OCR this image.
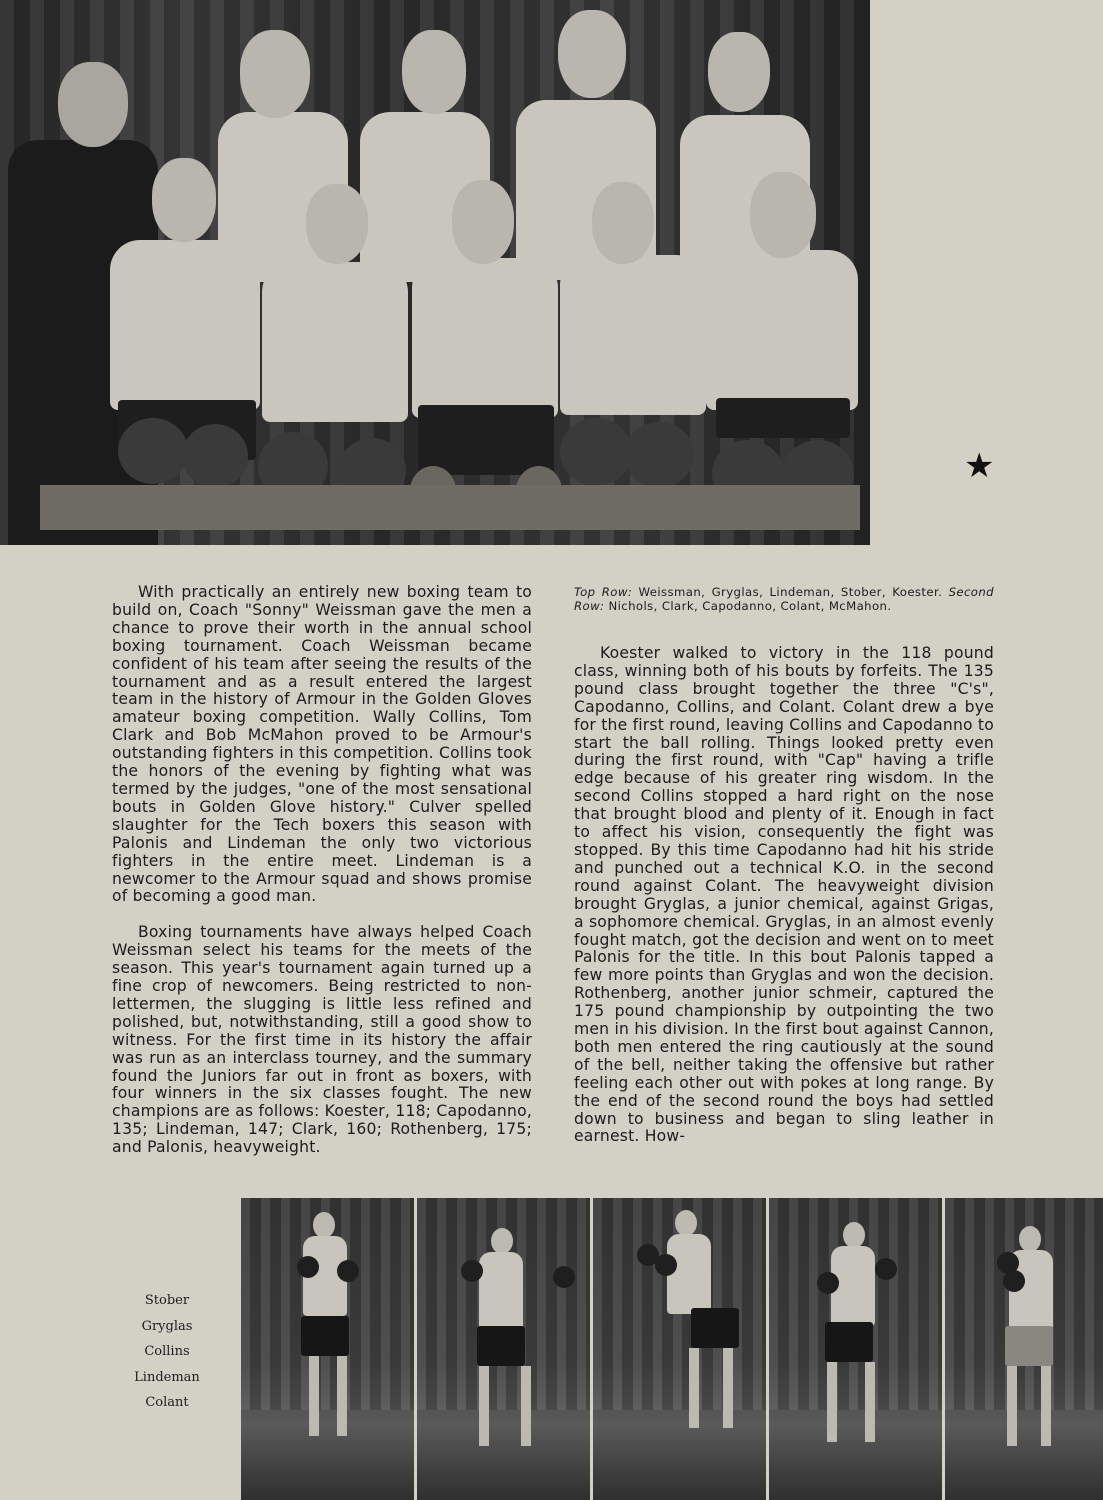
★

With practically an entirely new boxing team to build on, Coach "Sonny" Weissman gave the men a chance to prove their worth in the annual school boxing tournament. Coach Weissman became confident of his team after seeing the results of the tournament and as a result entered the largest team in the history of Armour in the Golden Gloves amateur boxing competition. Wally Collins, Tom Clark and Bob McMahon proved to be Armour's outstanding fighters in this competition. Collins took the honors of the evening by fighting what was termed by the judges, "one of the most sensational bouts in Golden Glove history." Culver spelled slaughter for the Tech boxers this season with Palonis and Lindeman the only two victorious fighters in the entire meet. Lindeman is a newcomer to the Armour squad and shows promise of becoming a good man.

Boxing tournaments have always helped Coach Weissman select his teams for the meets of the season. This year's tournament again turned up a fine crop of newcomers. Being restricted to non-lettermen, the slugging is little less refined and polished, but, notwithstanding, still a good show to witness. For the first time in its history the affair was run as an interclass tourney, and the summary found the Juniors far out in front as boxers, with four winners in the six classes fought. The new champions are as follows: Koester, 118; Capodanno, 135; Lindeman, 147; Clark, 160; Rothenberg, 175; and Palonis, heavyweight.

Top Row: Weissman, Gryglas, Lindeman, Stober, Koester. Second Row: Nichols, Clark, Capodanno, Colant, McMahon.

Koester walked to victory in the 118 pound class, winning both of his bouts by forfeits. The 135 pound class brought together the three "C's", Capodanno, Collins, and Colant. Colant drew a bye for the first round, leaving Collins and Capodanno to start the ball rolling. Things looked pretty even during the first round, with "Cap" having a trifle edge because of his greater ring wisdom. In the second Collins stopped a hard right on the nose that brought blood and plenty of it. Enough in fact to affect his vision, consequently the fight was stopped. By this time Capodanno had hit his stride and punched out a technical K.O. in the second round against Colant. The heavyweight division brought Gryglas, a junior chemical, against Grigas, a sophomore chemical. Gryglas, in an almost evenly fought match, got the decision and went on to meet Palonis for the title. In this bout Palonis tapped a few more points than Gryglas and won the decision. Rothenberg, another junior schmeir, captured the 175 pound championship by outpointing the two men in his division. In the first bout against Cannon, both men entered the ring cautiously at the sound of the bell, neither taking the offensive but rather feeling each other out with pokes at long range. By the end of the second round the boys had settled down to business and began to sling leather in earnest. How-

Stober
Gryglas
Collins
Lindeman
Colant
